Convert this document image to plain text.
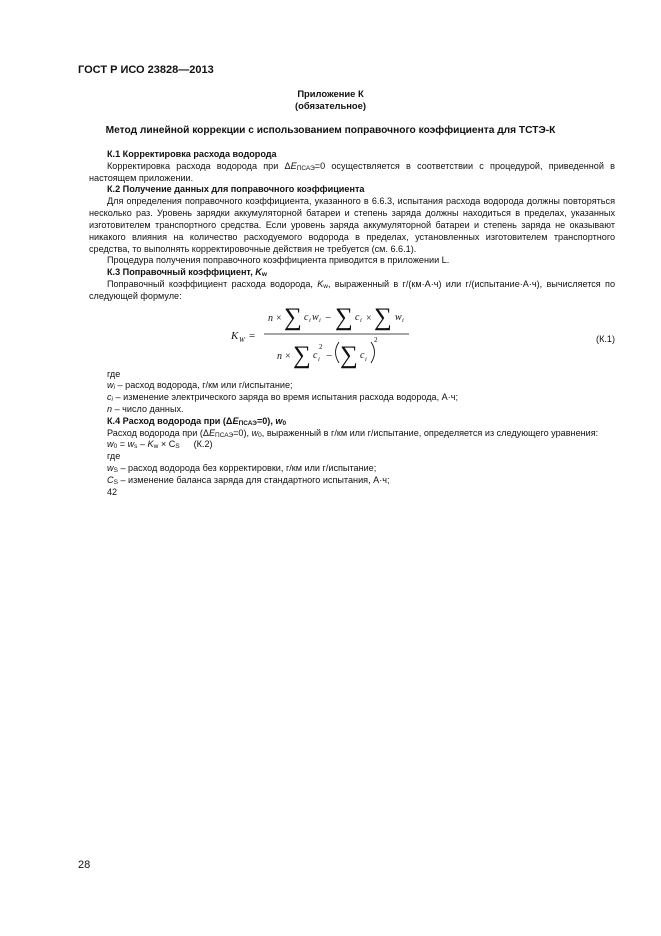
ГОСТ Р ИСО 23828—2013
Приложение К
(обязательное)
Метод линейной коррекции с использованием поправочного коэффициента для ТСТЭ-К

К.1 Корректировка расхода водорода

Корректировка расхода водорода при $\Delta E_{ПСАЭ}=0$ осуществляется в соответствии с процедурой, приведенной в настоящем приложении.

К.2 Получение данных для поправочного коэффициента

Для определения поправочного коэффициента, указанного в 6.6.3, испытания расхода водорода должны повторяться несколько раз. Уровень зарядки аккумуляторной батареи и степень заряда должны находиться в пределах, указанных изготовителем транспортного средства. Если уровень заряда аккумуляторной батареи и степень заряда не оказывают никакого влияния на количество расходуемого водорода в пределах, установленных изготовителем транспортного средства, то выполнять корректировочные действия не требуется (см. 6.6.1).

Процедура получения поправочного коэффициента приводится в приложении L.

К.3 Поправочный коэффициент, $K_w$

Поправочный коэффициент расхода водорода, $K_w$, выраженный в г/(км·А·ч) или г/(испытание·А·ч), вычисляется по следующей формуле:

K W =
n × ∑ c i w i − ∑ c i × ∑ w i
n × ∑ c i
2
− ∑ c i
2	(К.1)

где

$w_i$ – расход водорода, г/км или г/испытание;

$c_i$ – изменение электрического заряда во время испытания расхода водорода, А·ч;

n – число данных.

К.4 Расход водорода при $(\Delta E_{ПСАЭ}=0)$, $w_0$

Расход водорода при $(\Delta E_{ПСАЭ}=0)$, $w_0$, выраженный в г/км или г/испытание, определяется из следующего уравнения:

$w_0 = w_s - K_w \times C_S$ (К.2)

где

$w_S$ – расход водорода без корректировки, г/км или г/испытание;

$C_S$ – изменение баланса заряда для стандартного испытания, А·ч;

42

28
